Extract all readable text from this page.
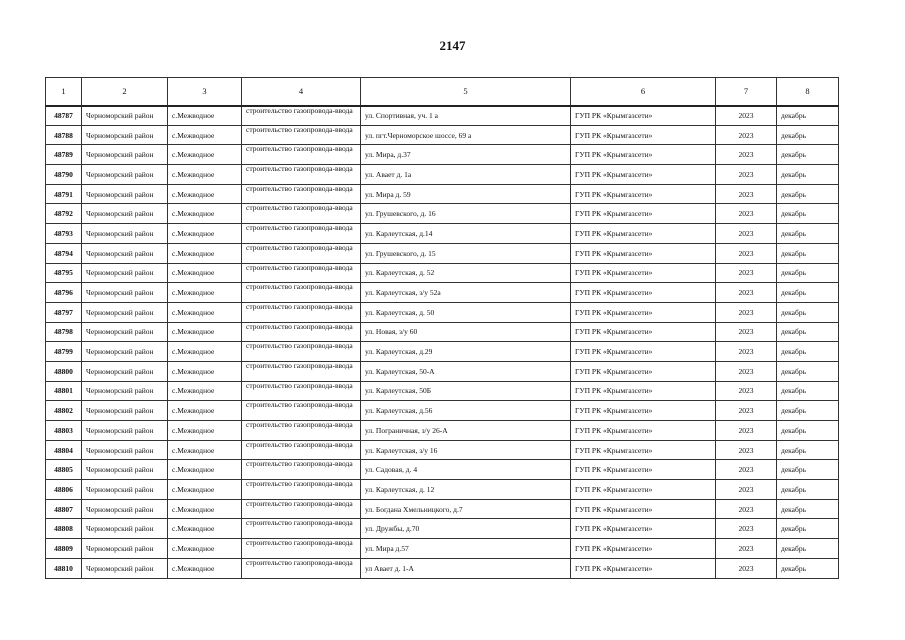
2147
1	2	3	4	5	6	7	8
48787	Черноморский район	с.Межводное	строительство газопровода-ввода	ул. Спортивная, уч. 1 а	ГУП РК «Крымгазсети»	2023	декабрь
48788	Черноморский район	с.Межводное	строительство газопровода-ввода	ул. пгт.Черноморское шоссе, 69 а	ГУП РК «Крымгазсети»	2023	декабрь
48789	Черноморский район	с.Межводное	строительство газопровода-ввода	ул. Мира, д.37	ГУП РК «Крымгазсети»	2023	декабрь
48790	Черноморский район	с.Межводное	строительство газопровода-ввода	ул. Авает д. 1а	ГУП РК «Крымгазсети»	2023	декабрь
48791	Черноморский район	с.Межводное	строительство газопровода-ввода	ул. Мира д. 59	ГУП РК «Крымгазсети»	2023	декабрь
48792	Черноморский район	с.Межводное	строительство газопровода-ввода	ул. Грушевского, д. 16	ГУП РК «Крымгазсети»	2023	декабрь
48793	Черноморский район	с.Межводное	строительство газопровода-ввода	ул. Карлеутская, д.14	ГУП РК «Крымгазсети»	2023	декабрь
48794	Черноморский район	с.Межводное	строительство газопровода-ввода	ул. Грушевского, д. 15	ГУП РК «Крымгазсети»	2023	декабрь
48795	Черноморский район	с.Межводное	строительство газопровода-ввода	ул. Карлеутская, д. 52	ГУП РК «Крымгазсети»	2023	декабрь
48796	Черноморский район	с.Межводное	строительство газопровода-ввода	ул. Карлеутская, з/у 52а	ГУП РК «Крымгазсети»	2023	декабрь
48797	Черноморский район	с.Межводное	строительство газопровода-ввода	ул. Карлеутская, д. 50	ГУП РК «Крымгазсети»	2023	декабрь
48798	Черноморский район	с.Межводное	строительство газопровода-ввода	ул. Новая, з/у 60	ГУП РК «Крымгазсети»	2023	декабрь
48799	Черноморский район	с.Межводное	строительство газопровода-ввода	ул. Карлеутская, д.29	ГУП РК «Крымгазсети»	2023	декабрь
48800	Черноморский район	с.Межводное	строительство газопровода-ввода	ул. Карлеутская, 50-А	ГУП РК «Крымгазсети»	2023	декабрь
48801	Черноморский район	с.Межводное	строительство газопровода-ввода	ул. Карлеутская, 50Б	ГУП РК «Крымгазсети»	2023	декабрь
48802	Черноморский район	с.Межводное	строительство газопровода-ввода	ул. Карлеутская, д.56	ГУП РК «Крымгазсети»	2023	декабрь
48803	Черноморский район	с.Межводное	строительство газопровода-ввода	ул. Пограничная, з/у 26-А	ГУП РК «Крымгазсети»	2023	декабрь
48804	Черноморский район	с.Межводное	строительство газопровода-ввода	ул. Карлеутская, з/у 16	ГУП РК «Крымгазсети»	2023	декабрь
48805	Черноморский район	с.Межводное	строительство газопровода-ввода	ул. Садовая, д. 4	ГУП РК «Крымгазсети»	2023	декабрь
48806	Черноморский район	с.Межводное	строительство газопровода-ввода	ул. Карлеутская, д. 12	ГУП РК «Крымгазсети»	2023	декабрь
48807	Черноморский район	с.Межводное	строительство газопровода-ввода	ул. Богдана Хмельницкого, д.7	ГУП РК «Крымгазсети»	2023	декабрь
48808	Черноморский район	с.Межводное	строительство газопровода-ввода	ул. Дружбы, д.70	ГУП РК «Крымгазсети»	2023	декабрь
48809	Черноморский район	с.Межводное	строительство газопровода-ввода	ул. Мира д.57	ГУП РК «Крымгазсети»	2023	декабрь
48810	Черноморский район	с.Межводное	строительство газопровода-ввода	ул Авает д. 1-А	ГУП РК «Крымгазсети»	2023	декабрь
